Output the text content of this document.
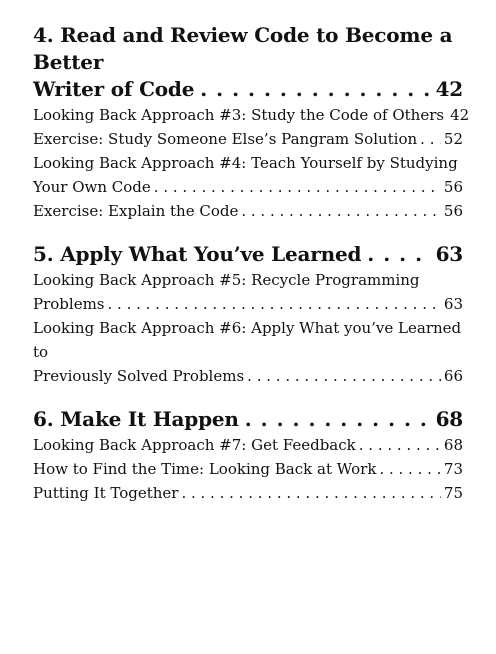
4. Read and Review Code to Become a Better
Writer of Code . . .	42
Looking Back Approach #3: Study the Code of Others 42
Exercise: Study Someone Else’s Pangram Solution . . . 52
Looking Back Approach #4: Teach Yourself by Studying
Your Own Code . . .	56
Exercise: Explain the Code . . .	56
5. Apply What You’ve Learned . . .	63
Looking Back Approach #5: Recycle Programming
Problems . . .	63
Looking Back Approach #6: Apply What you’ve Learned to
Previously Solved Problems . . .	66
6. Make It Happen . . .	68
Looking Back Approach #7: Get Feedback . . .	68
How to Find the Time: Looking Back at Work . . .	73
Putting It Together . . .	75
